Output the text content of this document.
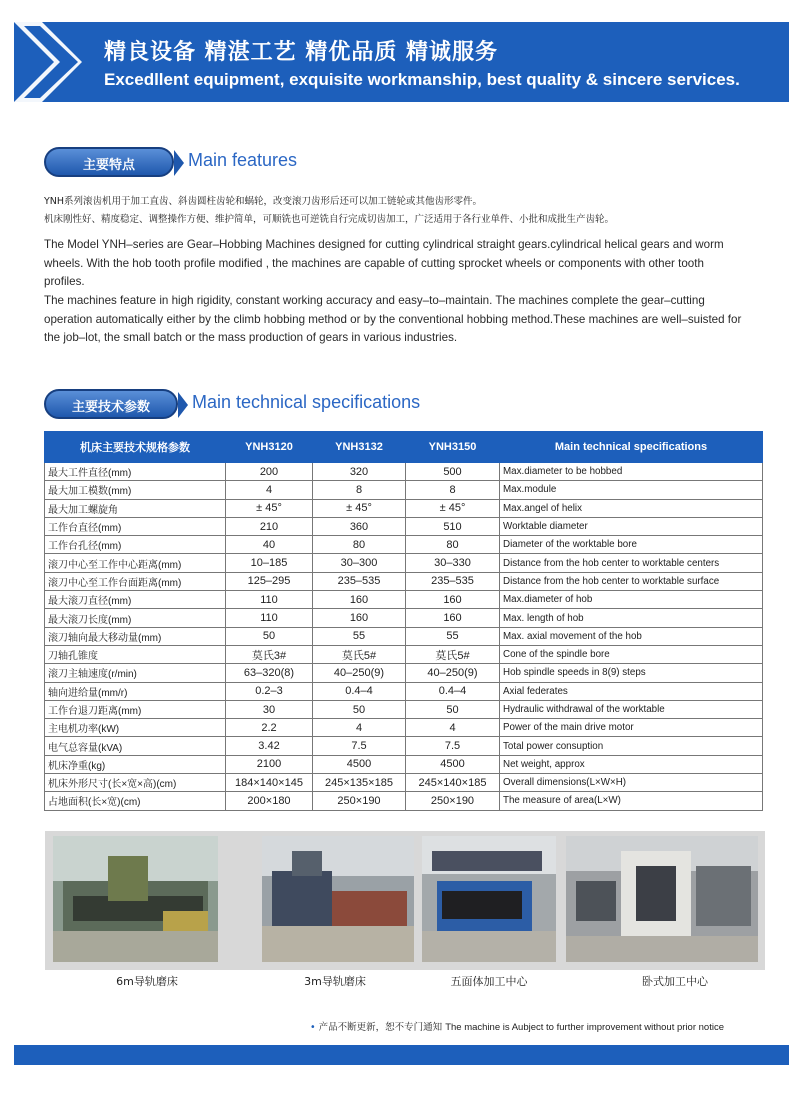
精良设备 精湛工艺 精优品质 精诚服务
Excedllent equipment, exquisite workmanship, best quality & sincere services.
主要特点	Main features
YNH系列滚齿机用于加工直齿、斜齿圆柱齿轮和蜗轮，改变滚刀齿形后还可以加工链轮或其他齿形零件。
机床刚性好、精度稳定、调整操作方便、维护简单，可顺铣也可逆铣自行完成切齿加工，广泛适用于各行业单件、小批和成批生产齿轮。
The Model YNH–series are Gear–Hobbing Machines designed for cutting cylindrical straight gears.cylindrical helical gears and worm wheels. With the hob tooth profile modified , the machines are capable of cutting sprocket wheels or components with other tooth profiles.
The machines feature in high rigidity, constant working accuracy and easy–to–maintain. The machines complete the gear–cutting operation automatically either by the climb hobbing method or by the conventional hobbing method.These machines are well–suisted for the job–lot, the small batch or the mass production of gears in various industries.
主要技术参数	Main technical specifications
机床主要技术规格参数	YNH3120	YNH3132	YNH3150	Main technical specifications
最大工件直径(mm)	200	320	500	Max.diameter to be hobbed
最大加工模数(mm)	4	8	8	Max.module
最大加工螺旋角	± 45°	± 45°	± 45°	Max.angel of helix
工作台直径(mm)	210	360	510	Worktable diameter
工作台孔径(mm)	40	80	80	Diameter of the worktable bore
滚刀中心至工作中心距离(mm)	10–185	30–300	30–330	Distance from the hob center to worktable centers
滚刀中心至工作台面距离(mm)	125–295	235–535	235–535	Distance from the hob center to worktable surface
最大滚刀直径(mm)	110	160	160	Max.diameter of hob
最大滚刀长度(mm)	110	160	160	Max. length of hob
滚刀轴向最大移动量(mm)	50	55	55	Max. axial movement of the hob
刀轴孔锥度	莫氏3#	莫氏5#	莫氏5#	Cone of the spindle bore
滚刀主轴速度(r/min)	63–320(8)	40–250(9)	40–250(9)	Hob spindle speeds in 8(9) steps
轴向进给量(mm/r)	0.2–3	0.4–4	0.4–4	Axial federates
工作台退刀距离(mm)	30	50	50	Hydraulic withdrawal of the worktable
主电机功率(kW)	2.2	4	4	Power of the main drive motor
电气总容量(kVA)	3.42	7.5	7.5	Total power consuption
机床净重(kg)	2100	4500	4500	Net weight, approx
机床外形尺寸(长×宽×高)(cm)	184×140×145	245×135×185	245×140×185	Overall dimensions(L×W×H)
占地面积(长×宽)(cm)	200×180	250×190	250×190	The measure of area(L×W)
6m导轨磨床	3m导轨磨床	五面体加工中心	卧式加工中心
• 产品不断更新，恕不专门通知 The machine is Aubject to further improvement without prior notice
